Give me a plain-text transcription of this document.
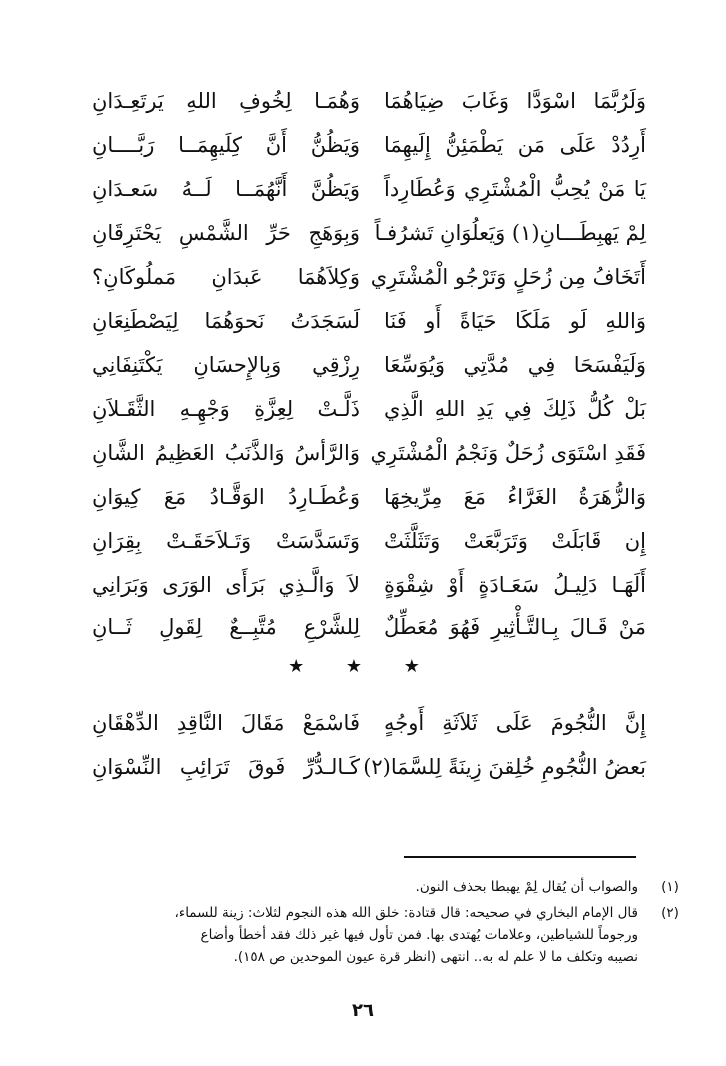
وَلَرُبَّمَا اسْوَدَّا وَغَابَ ضِيَاهُمَا
وَهُمَـا لِخُوفِ اللهِ يَرتَعِـدَانِ
أَرِدُدْ عَلَى مَن يَطْمَئِنُّ إِلَيهِمَا
وَيَظُنُّ أَنَّ كِلَيهِمَــا رَبَّــــانِ
يَا مَنْ يُحِبُّ الْمُشْتَرِي وَعُطَارِداً
وَيَظُنَّ أَنَّهُمَــا لَــهُ سَعـدَانِ
لِمْ يَهبِطَـــانِ(١) وَيَعلُوَانِ تَشرُفـاً
وَبِوَهَجِ حَرِّ الشَّمْسِ يَحْتَرِقَانِ
أَتَخَافُ مِن زُحَلٍ وَتَرْجُو الْمُشْتَرِي
وَكِلاَهُمَا عَبدَانِ مَملُوكَانِ؟
وَاللهِ لَو مَلَكَا حَيَاةً أَو فَنَا
لَسَجَدَتُ نَحوَهُمَا لِيَصْطَنِعَانِ
وَلَيَفْسَحَا فِي مُدَّتِي وَيُوَسِّعَا
رِزْقِي وَبِالإِحسَانِ يَكْتَنِفَانِي
بَلْ كُلُّ ذَلِكَ فِي يَدِ اللهِ الَّذِي
ذَلَّـتْ لِعِزَّةِ وَجْهِـهِ الثَّقَـلاَنِ
فَقَدِ اسْتَوَى زُحَلٌ وَنَجْمُ الْمُشْتَرِي
وَالرَّأسُ وَالذَّنَبُ العَظِيمُ الشَّانِ
وَالزُّهَرَةُ الغَرَّاءُ مَعَ مِرِّيخِهَا
وَعُطَـارِدُ الوَقَّـادُ مَعَ كِيوَانِ
إِن قَابَلَتْ وَتَرَبَّعَتْ وَتَثَلَّثَتْ
وَتَسَدَّسَتْ وَتَـلاَحَقَـتْ بِقِرَانِ
أَلَهَـا دَلِيـلُ سَعَـادَةٍ أَوْ شِقْوَةٍ
لاَ وَالَّـذِي بَرَأَى الوَرَى وَبَرَانِي
مَنْ قَـالَ بِـالتَّـأْثِيرِ فَهُوَ مُعَطِّلٌ
لِلشَّرْعِ مُتَّبِــعٌ لِقَولِ ثَــانِ
★ ★ ★
إِنَّ النُّجُومَ عَلَى ثَلاَثَةِ أَوجُهٍ
فَاسْمَعْ مَقَالَ النَّاقِدِ الدِّهْقَانِ
بَعضُ النُّجُومِ خُلِقنَ زِينَةً لِلسَّمَا(٢)
كَـالـدُّرِّ فَوقَ تَرَائِبِ النِّسْوَانِ
(١)
والصواب أن يُقال لِمْ يهبطا بحذف النون.
(٢)
قال الإمام البخاري في صحيحه: قال قتادة: خلق الله هذه النجوم لثلاث: زينة للسماء،
ورجوماً للشياطين، وعلامات يُهتدى بها. فمن تأول فيها غير ذلك فقد أخطأ وأضاع
نصيبه وتكلف ما لا علم له به.. انتهى (انظر قرة عيون الموحدين ص ١٥٨).
٢٦
